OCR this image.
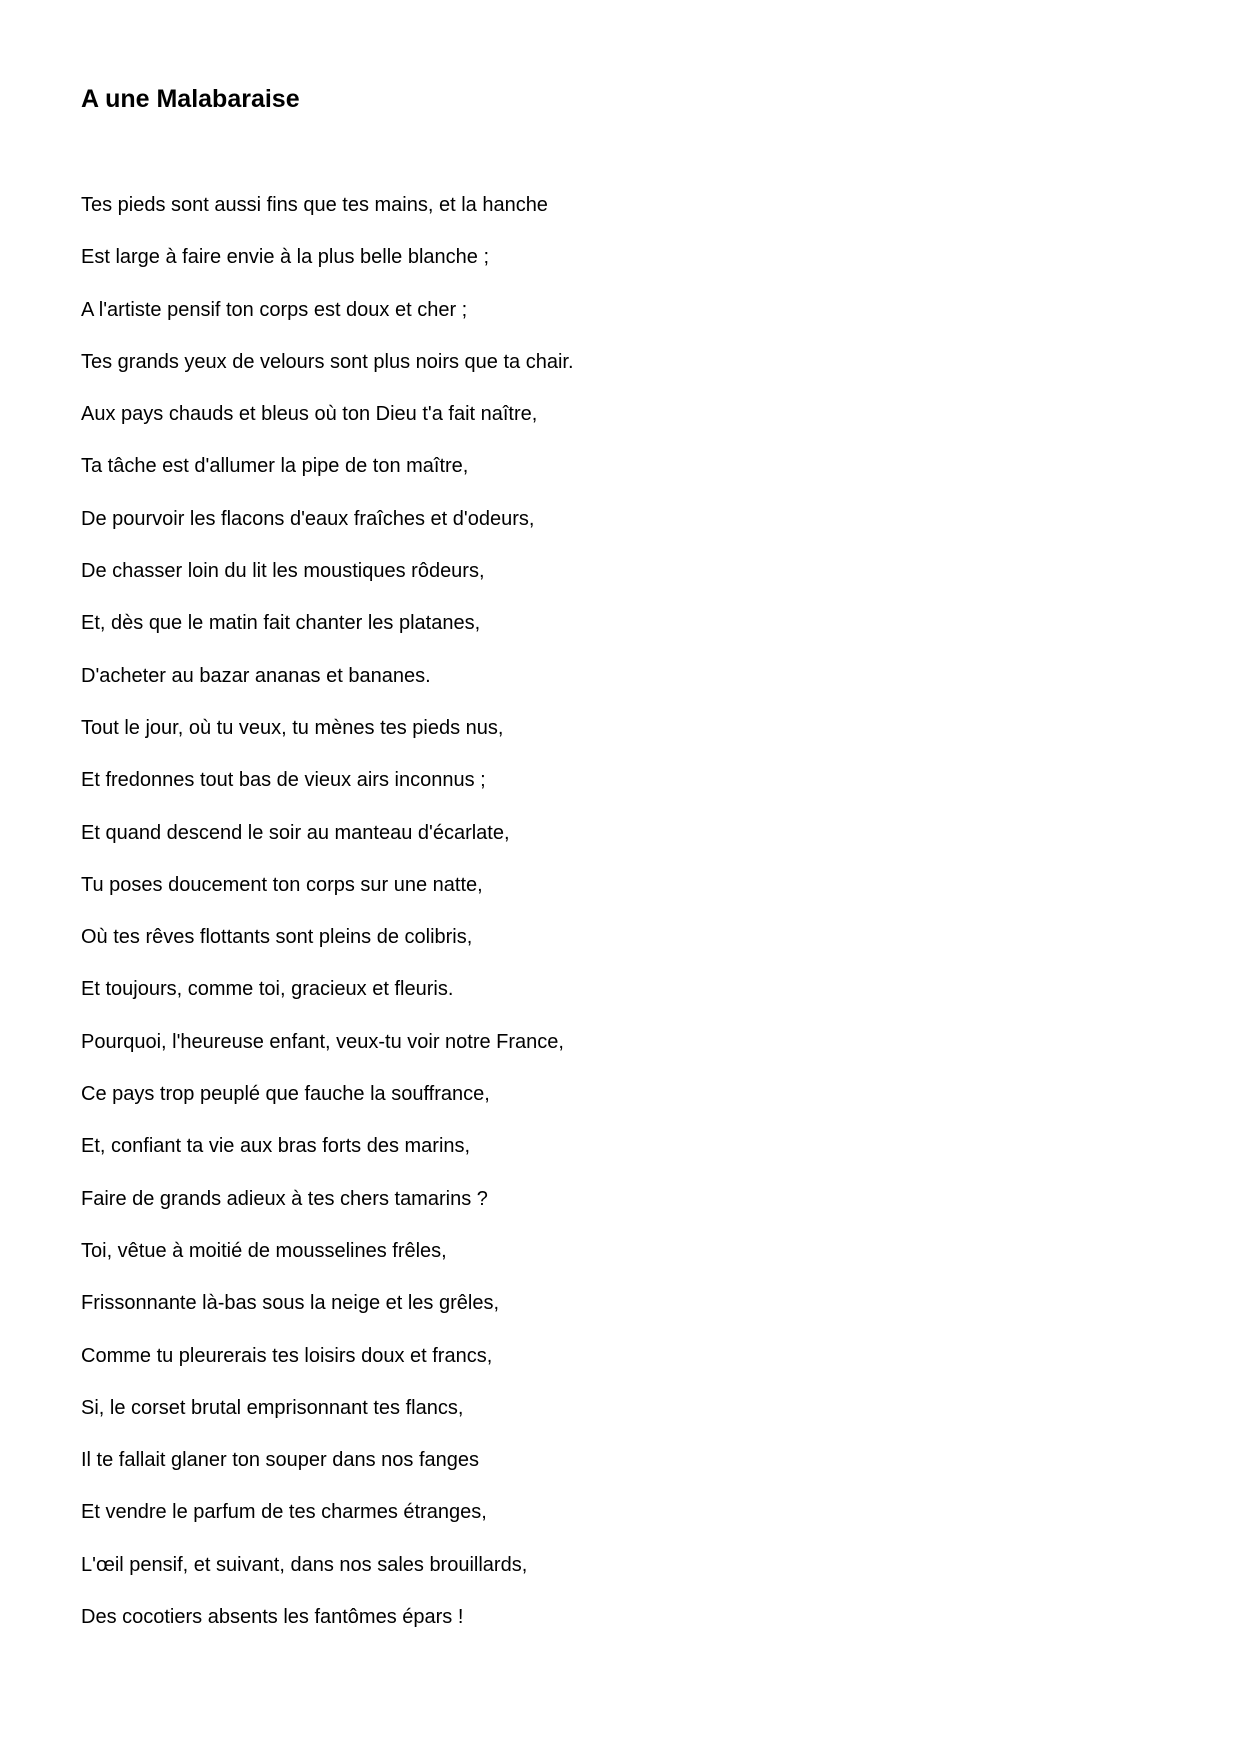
A une Malabaraise
Tes pieds sont aussi fins que tes mains, et la hanche
Est large à faire envie à la plus belle blanche ;
A l'artiste pensif ton corps est doux et cher ;
Tes grands yeux de velours sont plus noirs que ta chair.
Aux pays chauds et bleus où ton Dieu t'a fait naître,
Ta tâche est d'allumer la pipe de ton maître,
De pourvoir les flacons d'eaux fraîches et d'odeurs,
De chasser loin du lit les moustiques rôdeurs,
Et, dès que le matin fait chanter les platanes,
D'acheter au bazar ananas et bananes.
Tout le jour, où tu veux, tu mènes tes pieds nus,
Et fredonnes tout bas de vieux airs inconnus ;
Et quand descend le soir au manteau d'écarlate,
Tu poses doucement ton corps sur une natte,
Où tes rêves flottants sont pleins de colibris,
Et toujours, comme toi, gracieux et fleuris.
Pourquoi, l'heureuse enfant, veux-tu voir notre France,
Ce pays trop peuplé que fauche la souffrance,
Et, confiant ta vie aux bras forts des marins,
Faire de grands adieux à tes chers tamarins ?
Toi, vêtue à moitié de mousselines frêles,
Frissonnante là-bas sous la neige et les grêles,
Comme tu pleurerais tes loisirs doux et francs,
Si, le corset brutal emprisonnant tes flancs,
Il te fallait glaner ton souper dans nos fanges
Et vendre le parfum de tes charmes étranges,
L'œil pensif, et suivant, dans nos sales brouillards,
Des cocotiers absents les fantômes épars !
